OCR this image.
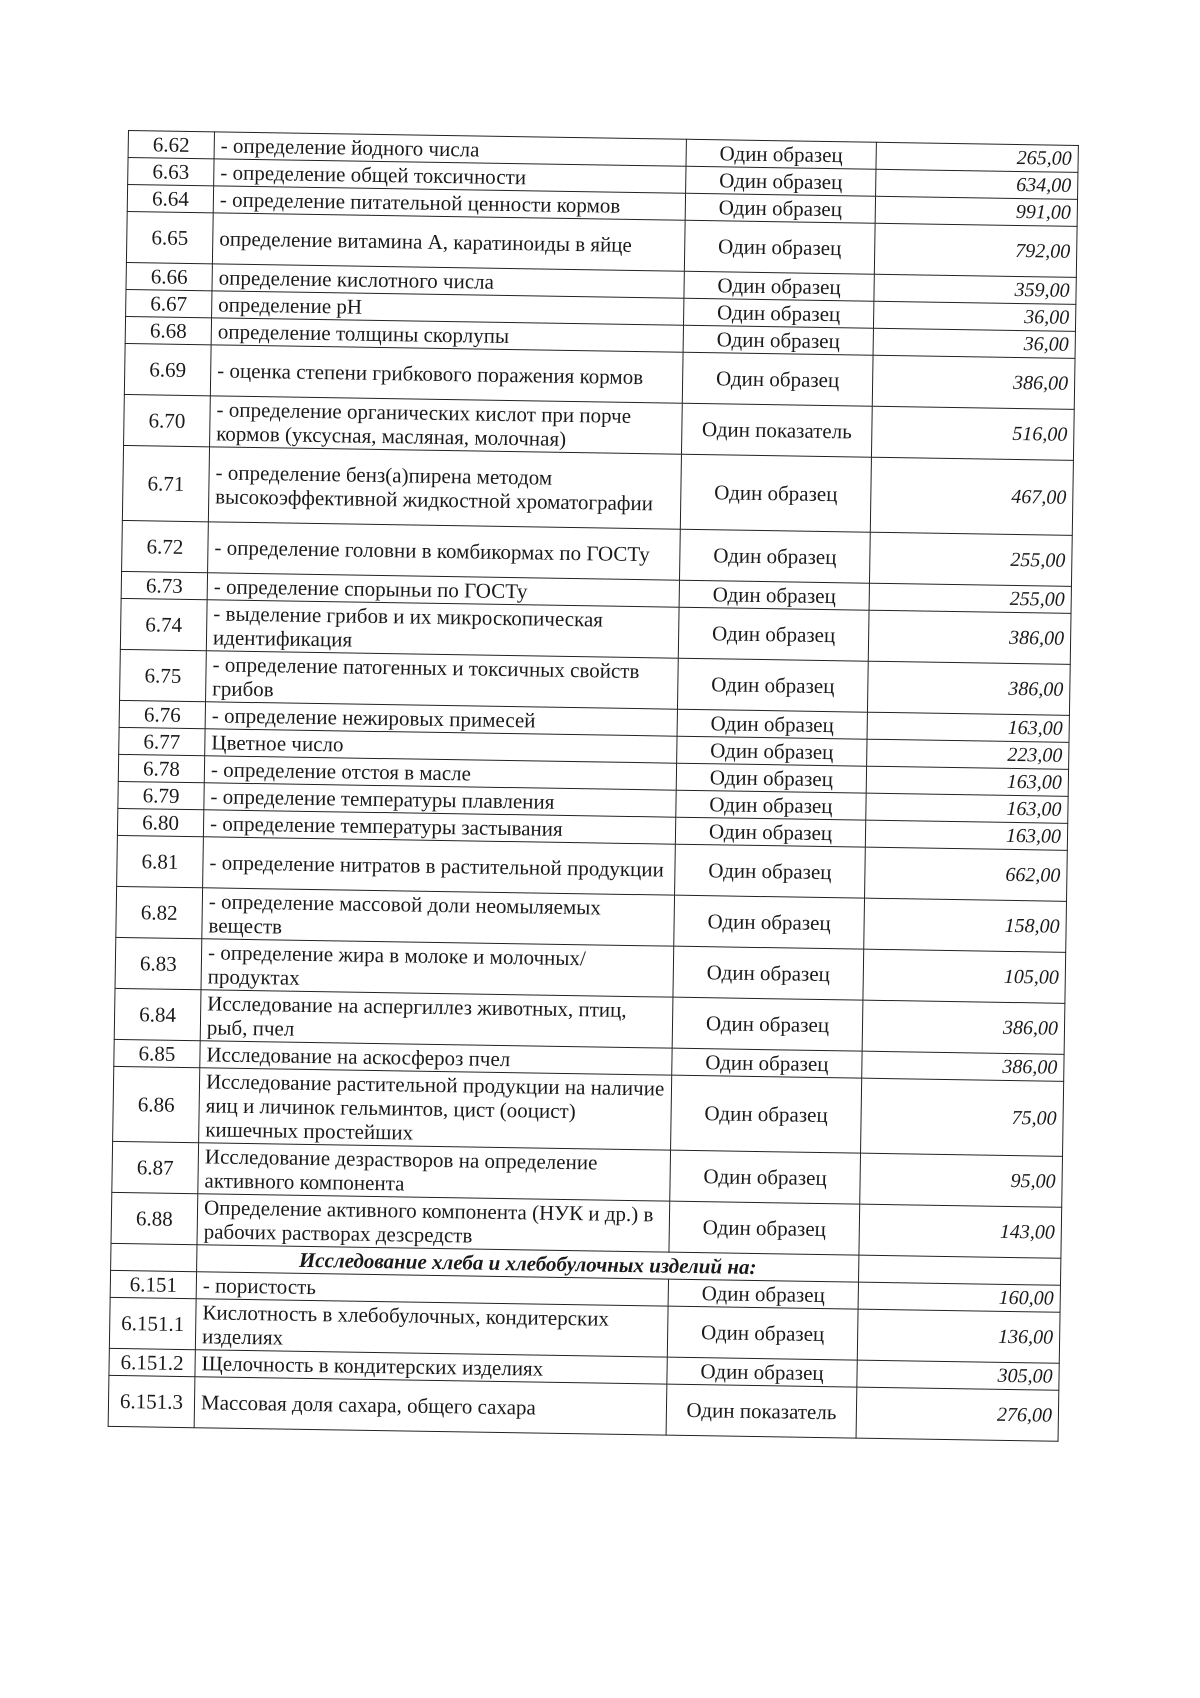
6.62	- определение йодного числа	Один образец	265,00
6.63	- определение общей токсичности	Один образец	634,00
6.64	- определение питательной ценности кормов	Один образец	991,00
6.65	определение витамина А, каратиноиды в яйце	Один образец	792,00
6.66	определение кислотного числа	Один образец	359,00
6.67	определение pH	Один образец	36,00
6.68	определение толщины скорлупы	Один образец	36,00
6.69	- оценка степени грибкового поражения кормов	Один образец	386,00
6.70	- определение органических кислот при порче кормов (уксусная, масляная, молочная)	Один показатель	516,00
6.71	- определение бенз(а)пирена методом высокоэффективной жидкостной хроматографии	Один образец	467,00
6.72	- определение головни в комбикормах по ГОСТу	Один образец	255,00
6.73	- определение спорыньи по ГОСТу	Один образец	255,00
6.74	- выделение грибов и их микроскопическая идентификация	Один образец	386,00
6.75	- определение патогенных и токсичных свойств грибов	Один образец	386,00
6.76	- определение нежировых примесей	Один образец	163,00
6.77	Цветное число	Один образец	223,00
6.78	- определение отстоя в масле	Один образец	163,00
6.79	- определение температуры плавления	Один образец	163,00
6.80	- определение температуры застывания	Один образец	163,00
6.81	- определение нитратов в растительной продукции	Один образец	662,00
6.82	- определение массовой доли неомыляемых веществ	Один образец	158,00
6.83	- определение жира в молоке и молочных/ продуктах	Один образец	105,00
6.84	Исследование на аспергиллез животных, птиц, рыб, пчел	Один образец	386,00
6.85	Исследование на аскосфероз пчел	Один образец	386,00
6.86	Исследование растительной продукции на наличие яиц и личинок гельминтов, цист (ооцист) кишечных простейших	Один образец	75,00
6.87	Исследование дезрастворов на определение активного компонента	Один образец	95,00
6.88	Определение активного компонента (НУК и др.) в рабочих растворах дезсредств	Один образец	143,00
	Исследование хлеба и хлебобулочных изделий на:		
6.151	- пористость	Один образец	160,00
6.151.1	Кислотность в хлебобулочных, кондитерских изделиях	Один образец	136,00
6.151.2	Щелочность в кондитерских изделиях	Один образец	305,00
6.151.3	Массовая доля сахара, общего сахара	Один показатель	276,00
